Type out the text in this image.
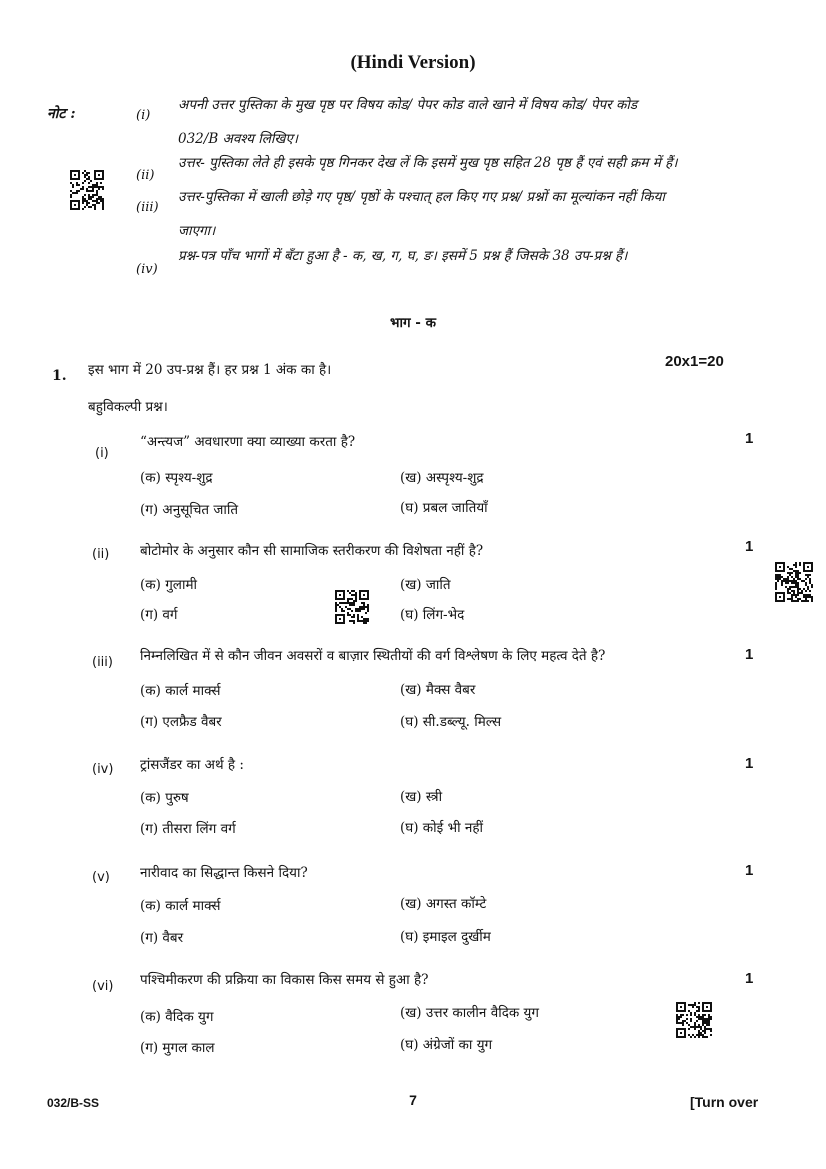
(Hindi Version)
नोट :	(i)
अपनी उत्तर पुस्तिका के मुख पृष्ठ पर विषय कोड/ पेपर कोड वाले खाने में विषय कोड/ पेपर कोड
032/B अवश्य लिखिए।
(ii)
उत्तर- पुस्तिका लेते ही इसके पृष्ठ गिनकर देख लें कि इसमें मुख पृष्ठ सहित 28 पृष्ठ हैं एवं सही क्रम में हैं।
(iii)
उत्तर-पुस्तिका में खाली छोड़े गए पृष्ठ/ पृष्ठों के पश्चात् हल किए गए प्रश्न/ प्रश्नों का मूल्यांकन नहीं किया
जाएगा।
(iv)
प्रश्न-पत्र पाँच भागों में बँटा हुआ है - क, ख, ग, घ, ङ। इसमें 5 प्रश्न हैं जिसके 38 उप-प्रश्न हैं।
भाग - क
1. इस भाग में 20 उप-प्रश्न हैं। हर प्रश्न 1 अंक का है।	20x1=20
बहुविकल्पी प्रश्न।
(i)
“अन्त्यज” अवधारणा क्या व्याख्या करता है?	1
(क) स्पृश्य-शुद्र	(ख) अस्पृश्य-शुद्र
(ग) अनुसूचित जाति	(घ) प्रबल जातियाँ
(ii) बोटोमोर के अनुसार कौन सी सामाजिक स्तरीकरण की विशेषता नहीं है?	1
(क) गुलामी	(ख) जाति
(ग) वर्ग	(घ) लिंग-भेद
(iii) निम्नलिखित में से कौन जीवन अवसरों व बाज़ार स्थितीयों की वर्ग विश्लेषण के लिए महत्व देते है?	1
(क) कार्ल मार्क्स	(ख) मैक्स वैबर
(ग) एलफ्रैड वैबर	(घ) सी.डब्ल्यू. मिल्स
(iv) ट्रांसजैंडर का अर्थ है :	1
(क) पुरुष	(ख) स्त्री
(ग) तीसरा लिंग वर्ग	(घ) कोई भी नहीं
(v) नारीवाद का सिद्धान्त किसने दिया?	1
(क) कार्ल मार्क्स	(ख) अगस्त कॉम्टे
(ग) वैबर	(घ) इमाइल दुर्खीम
(vi) पश्चिमीकरण की प्रक्रिया का विकास किस समय से हुआ है?	1
(क) वैदिक युग	(ख) उत्तर कालीन वैदिक युग
(ग) मुगल काल	(घ) अंग्रेजों का युग
032/B-SS	7	[Turn over
